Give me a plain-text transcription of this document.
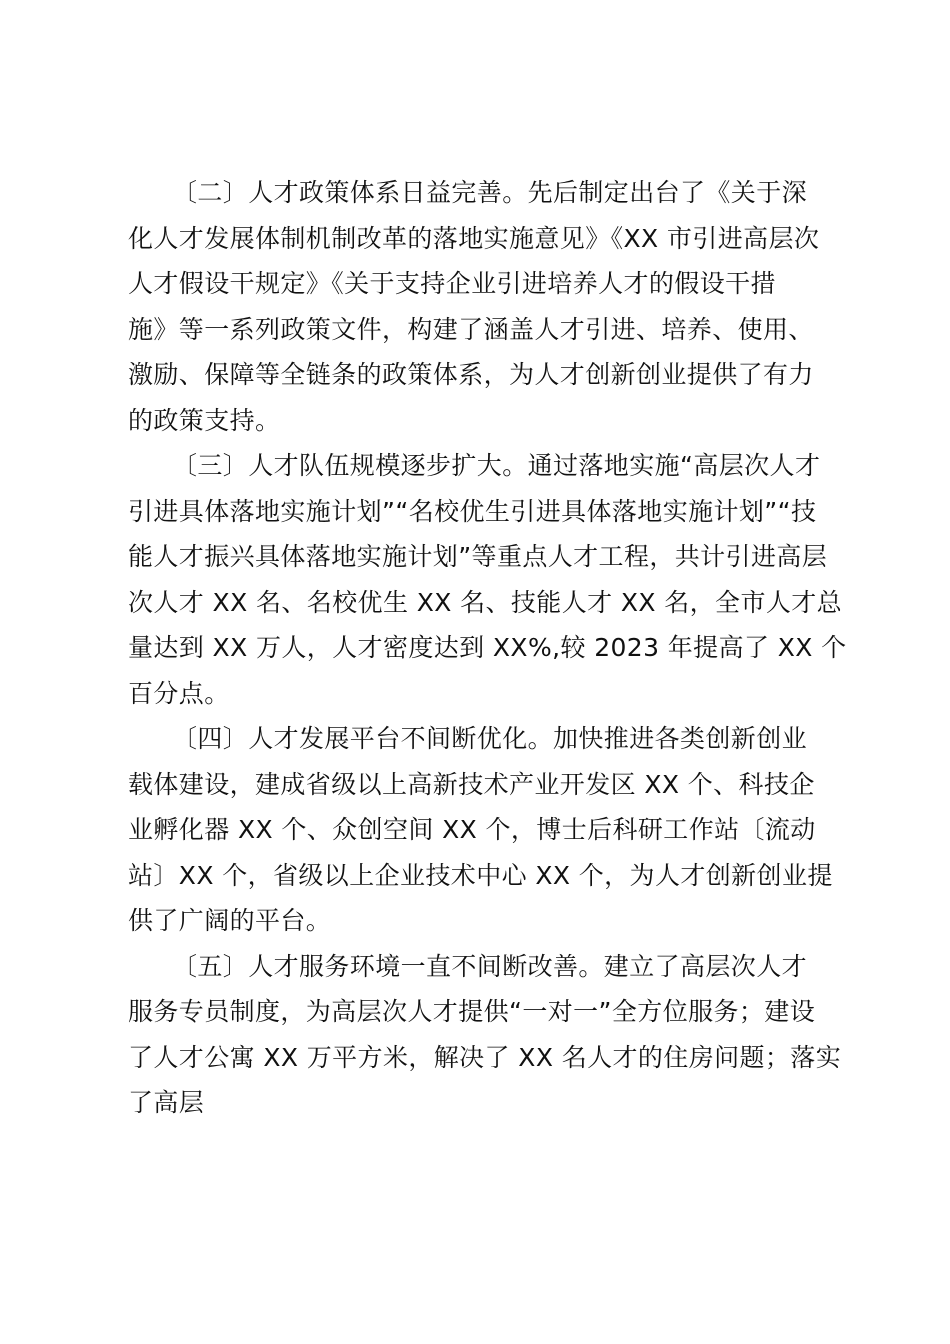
〔二〕人才政策体系日益完善。先后制定出台了《关于深
化人才发展体制机制改革的落地实施意见》《XX 市引进高层次
人才假设干规定》《关于支持企业引进培养人才的假设干措
施》等一系列政策文件，构建了涵盖人才引进、培养、使用、
激励、保障等全链条的政策体系，为人才创新创业提供了有力
的政策支持。
〔三〕人才队伍规模逐步扩大。通过落地实施“高层次人才
引进具体落地实施计划”“名校优生引进具体落地实施计划”“技
能人才振兴具体落地实施计划”等重点人才工程，共计引进高层
次人才 XX 名、名校优生 XX 名、技能人才 XX 名，全市人才总
量达到 XX 万人，人才密度达到 XX%,较 2023 年提高了 XX 个
百分点。
〔四〕人才发展平台不间断优化。加快推进各类创新创业
载体建设，建成省级以上高新技术产业开发区 XX 个、科技企
业孵化器 XX 个、众创空间 XX 个，博士后科研工作站〔流动
站〕XX 个，省级以上企业技术中心 XX 个，为人才创新创业提
供了广阔的平台。
〔五〕人才服务环境一直不间断改善。建立了高层次人才
服务专员制度，为高层次人才提供“一对一”全方位服务；建设
了人才公寓 XX 万平方米，解决了 XX 名人才的住房问题；落实
了高层
